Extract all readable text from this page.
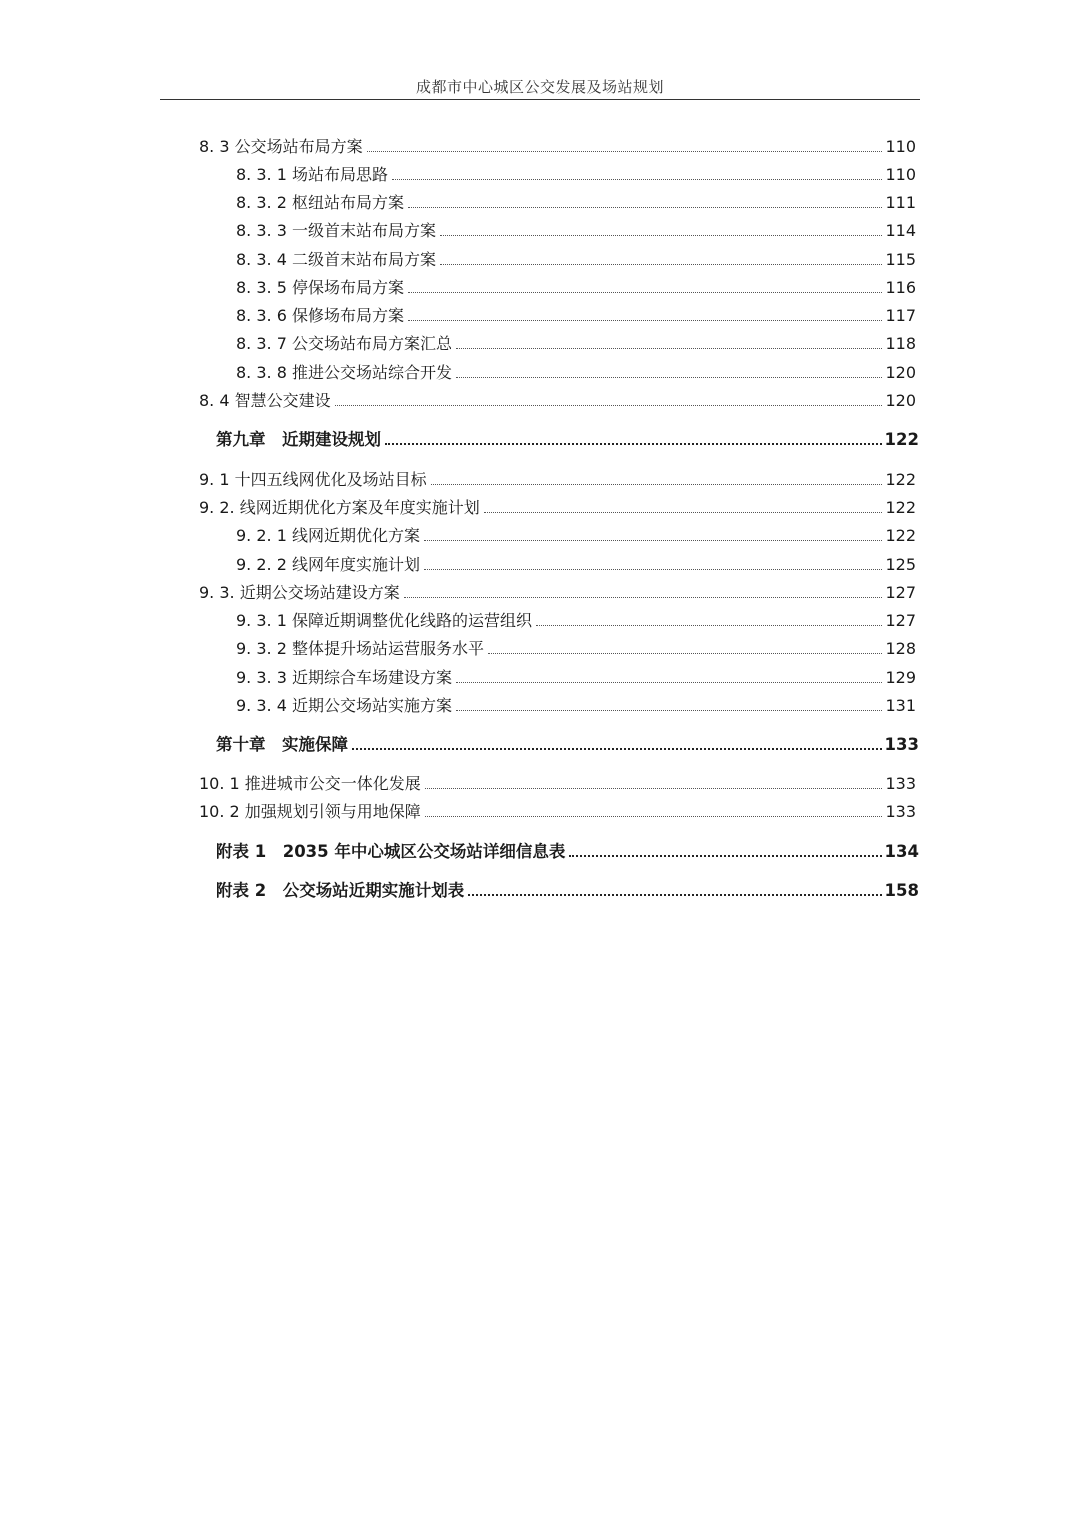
成都市中心城区公交发展及场站规划
8. 3 公交场站布局方案	110
8. 3. 1 场站布局思路	110
8. 3. 2 枢纽站布局方案	111
8. 3. 3 一级首末站布局方案	114
8. 3. 4 二级首末站布局方案	115
8. 3. 5 停保场布局方案	116
8. 3. 6 保修场布局方案	117
8. 3. 7 公交场站布局方案汇总	118
8. 3. 8 推进公交场站综合开发	120
8. 4 智慧公交建设	120
第九章　近期建设规划	122
9. 1 十四五线网优化及场站目标	122
9. 2. 线网近期优化方案及年度实施计划	122
9. 2. 1 线网近期优化方案	122
9. 2. 2 线网年度实施计划	125
9. 3. 近期公交场站建设方案	127
9. 3. 1 保障近期调整优化线路的运营组织	127
9. 3. 2 整体提升场站运营服务水平	128
9. 3. 3 近期综合车场建设方案	129
9. 3. 4 近期公交场站实施方案	131
第十章　实施保障	133
10. 1 推进城市公交一体化发展	133
10. 2 加强规划引领与用地保障	133
附表 1　2035 年中心城区公交场站详细信息表	134
附表 2　公交场站近期实施计划表	158
